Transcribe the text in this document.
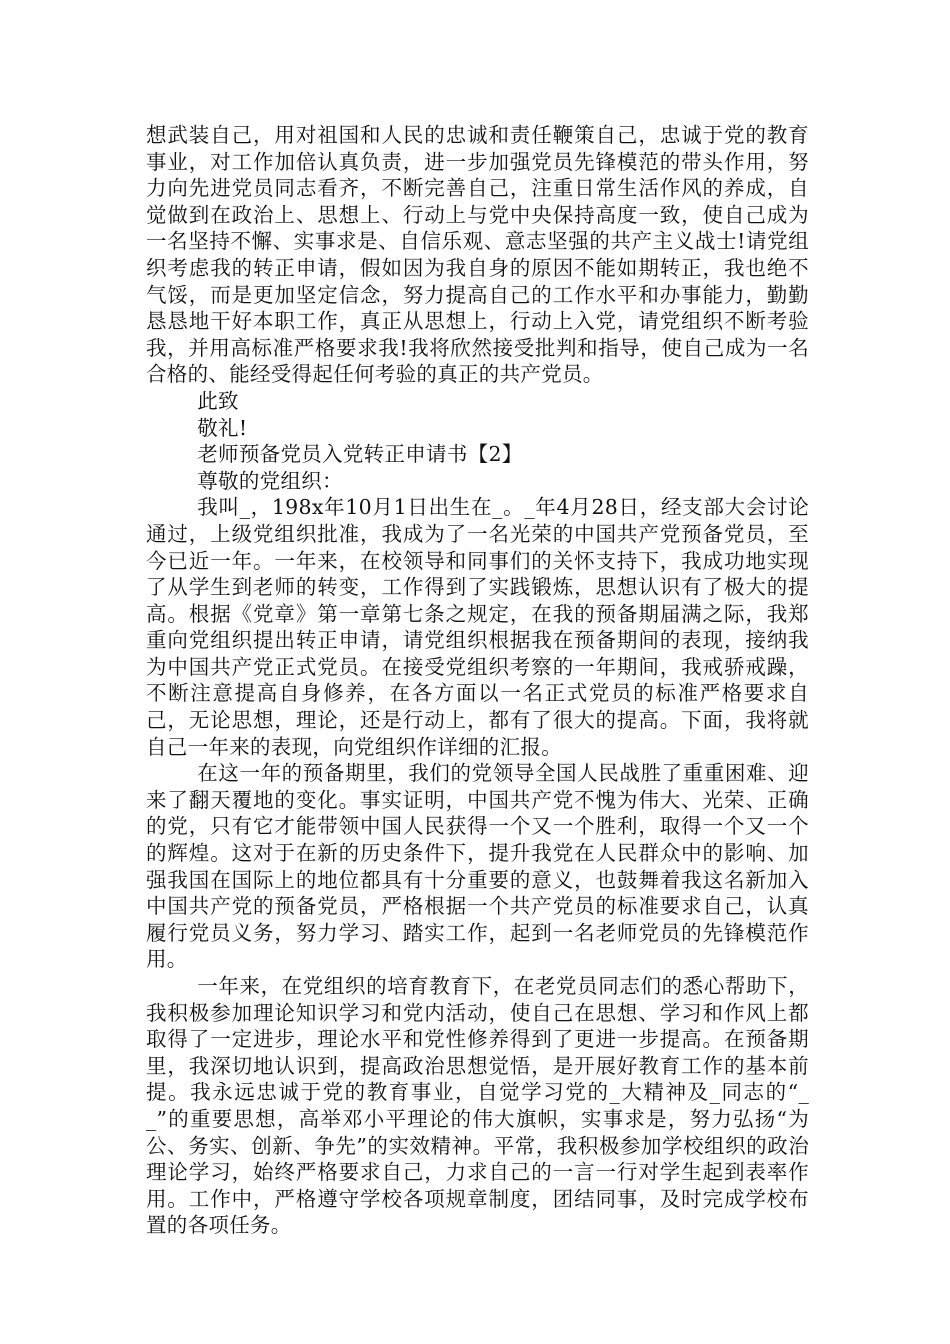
想武装自己，用对祖国和人民的忠诚和责任鞭策自己，忠诚于党的教育事业，对工作加倍认真负责，进一步加强党员先锋模范的带头作用，努力向先进党员同志看齐，不断完善自己，注重日常生活作风的养成，自觉做到在政治上、思想上、行动上与党中央保持高度一致，使自己成为一名坚持不懈、实事求是、自信乐观、意志坚强的共产主义战士!请党组织考虑我的转正申请，假如因为我自身的原因不能如期转正，我也绝不气馁，而是更加坚定信念，努力提高自己的工作水平和办事能力，勤勤恳恳地干好本职工作，真正从思想上，行动上入党，请党组织不断考验我，并用高标准严格要求我!我将欣然接受批判和指导，使自己成为一名合格的、能经受得起任何考验的真正的共产党员。

此致

敬礼!

老师预备党员入党转正申请书【2】

尊敬的党组织：

我叫_，198x年10月1日出生在_。_年4月28日，经支部大会讨论通过，上级党组织批准，我成为了一名光荣的中国共产党预备党员，至今已近一年。一年来，在校领导和同事们的关怀支持下，我成功地实现了从学生到老师的转变，工作得到了实践锻炼，思想认识有了极大的提高。根据《党章》第一章第七条之规定，在我的预备期届满之际，我郑重向党组织提出转正申请，请党组织根据我在预备期间的表现，接纳我为中国共产党正式党员。在接受党组织考察的一年期间，我戒骄戒躁，不断注意提高自身修养，在各方面以一名正式党员的标准严格要求自己，无论思想，理论，还是行动上，都有了很大的提高。下面，我将就自己一年来的表现，向党组织作详细的汇报。

在这一年的预备期里，我们的党领导全国人民战胜了重重困难、迎来了翻天覆地的变化。事实证明，中国共产党不愧为伟大、光荣、正确的党，只有它才能带领中国人民获得一个又一个胜利，取得一个又一个的辉煌。这对于在新的历史条件下，提升我党在人民群众中的影响、加强我国在国际上的地位都具有十分重要的意义，也鼓舞着我这名新加入中国共产党的预备党员，严格根据一个共产党员的标准要求自己，认真履行党员义务，努力学习、踏实工作，起到一名老师党员的先锋模范作用。

一年来，在党组织的培育教育下，在老党员同志们的悉心帮助下，我积极参加理论知识学习和党内活动，使自己在思想、学习和作风上都取得了一定进步，理论水平和党性修养得到了更进一步提高。在预备期里，我深切地认识到，提高政治思想觉悟，是开展好教育工作的基本前提。我永远忠诚于党的教育事业，自觉学习党的_大精神及_同志的“__”的重要思想，高举邓小平理论的伟大旗帜，实事求是，努力弘扬“为公、务实、创新、争先”的实效精神。平常，我积极参加学校组织的政治理论学习，始终严格要求自己，力求自己的一言一行对学生起到表率作用。工作中，严格遵守学校各项规章制度，团结同事，及时完成学校布置的各项任务。
